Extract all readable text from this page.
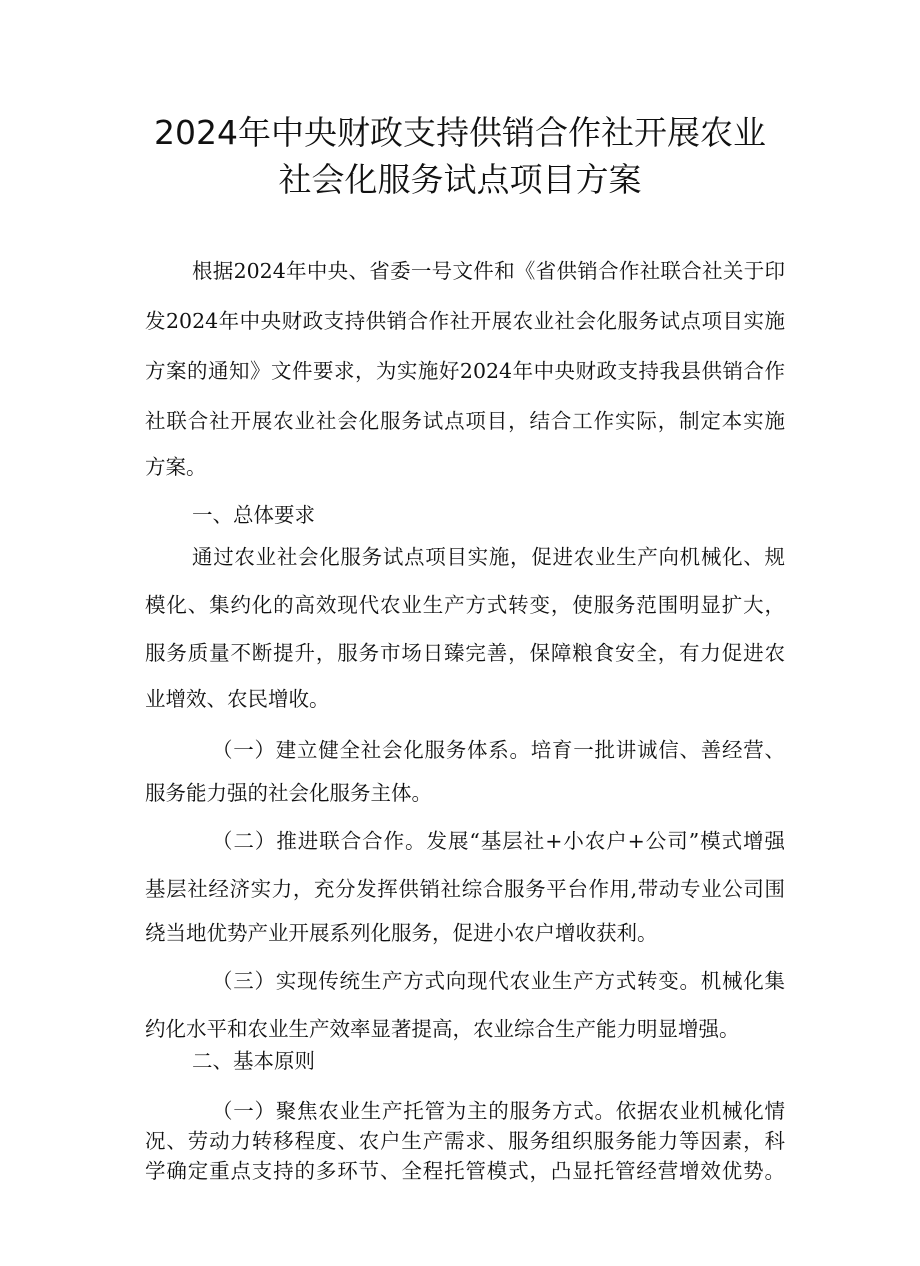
2024年中央财政支持供销合作社开展农业
社会化服务试点项目方案
根据2024年中央、省委一号文件和《省供销合作社联合社关于印
发2024年中央财政支持供销合作社开展农业社会化服务试点项目实施
方案的通知》文件要求，为实施好2024年中央财政支持我县供销合作
社联合社开展农业社会化服务试点项目，结合工作实际，制定本实施
方案。
一、总体要求
通过农业社会化服务试点项目实施，促进农业生产向机械化、规
模化、集约化的高效现代农业生产方式转变，使服务范围明显扩大，
服务质量不断提升，服务市场日臻完善，保障粮食安全，有力促进农
业增效、农民增收。
（一）建立健全社会化服务体系。培育一批讲诚信、善经营、
服务能力强的社会化服务主体。
（二）推进联合合作。发展“基层社+小农户+公司”模式增强
基层社经济实力，充分发挥供销社综合服务平台作用,带动专业公司围
绕当地优势产业开展系列化服务，促进小农户增收获利。
（三）实现传统生产方式向现代农业生产方式转变。机械化集
约化水平和农业生产效率显著提高，农业综合生产能力明显增强。
二、基本原则
（一）聚焦农业生产托管为主的服务方式。依据农业机械化情
况、劳动力转移程度、农户生产需求、服务组织服务能力等因素，科
学确定重点支持的多环节、全程托管模式，凸显托管经营增效优势。
